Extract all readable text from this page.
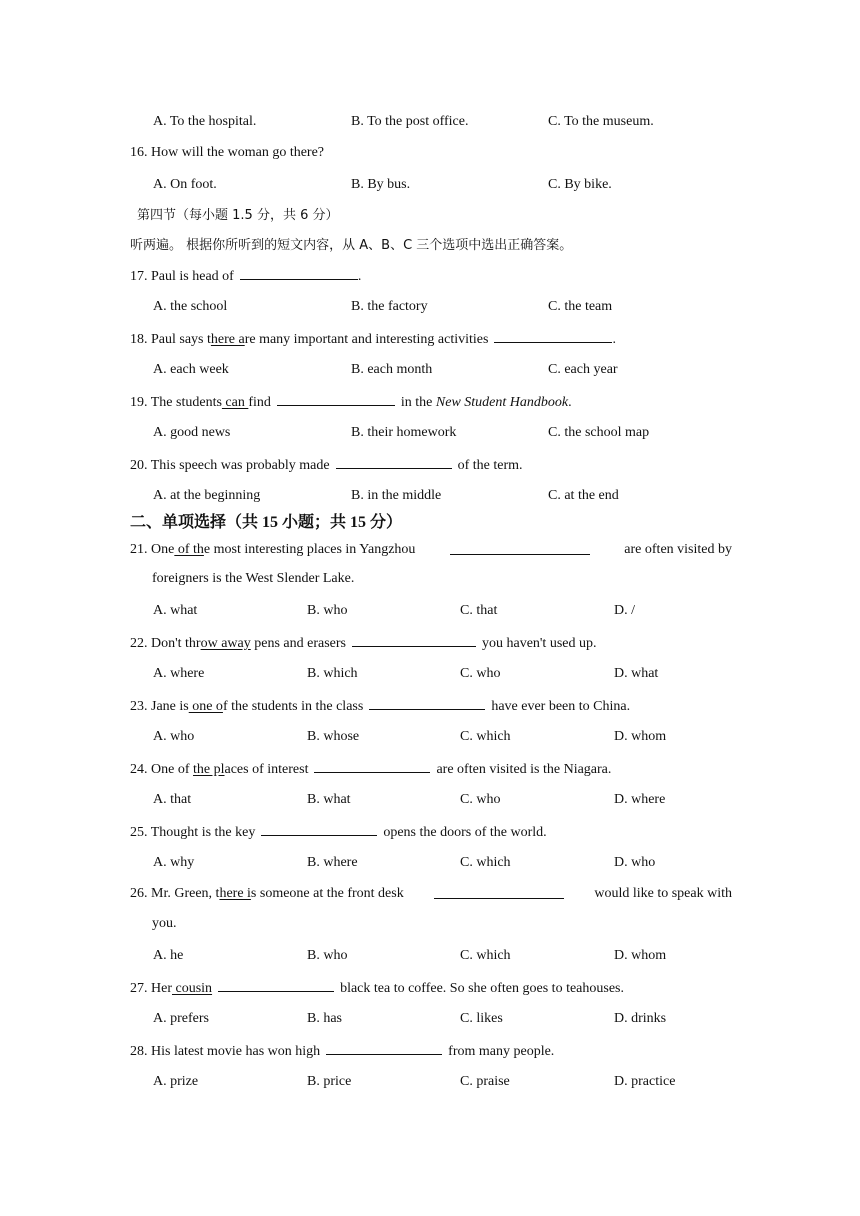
A. To the hospital.	B. To the post office.	C. To the museum.
16. How will the woman go there?
A. On foot.	B. By bus.	C. By bike.
第四节（每小题 1.5 分，共 6 分）
听两遍。 根据你所听到的短文内容，从 A、B、C 三个选项中选出正确答案。
17. Paul is head of	.
A. the school	B. the factory	C. the team
18. Paul says there are many important and interesting activities	.
A. each week	B. each month	C. each year
19. The students can find	in the New Student Handbook.
A. good news	B. their homework	C. the school map
20. This speech was probably made	of the term.
A. at the beginning	B. in the middle	C. at the end
二、单项选择（共 15 小题；共 15 分）
21. One of the most interesting places in Yangzhou	are often visited by
foreigners is the West Slender Lake.
A. what	B. who	C. that	D. /
22. Don't throw away pens and erasers	you haven't used up.
A. where	B. which	C. who	D. what
23. Jane is one of the students in the class	have ever been to China.
A. who	B. whose	C. which	D. whom
24. One of the places of interest	are often visited is the Niagara.
A. that	B. what	C. who	D. where
25. Thought is the key	opens the doors of the world.
A. why	B. where	C. which	D. who
26. Mr. Green, there is someone at the front desk	would like to speak with
you.
A. he	B. who	C. which	D. whom
27. Her cousin	black tea to coffee. So she often goes to teahouses.
A. prefers	B. has	C. likes	D. drinks
28. His latest movie has won high	from many people.
A. prize	B. price	C. praise	D. practice
